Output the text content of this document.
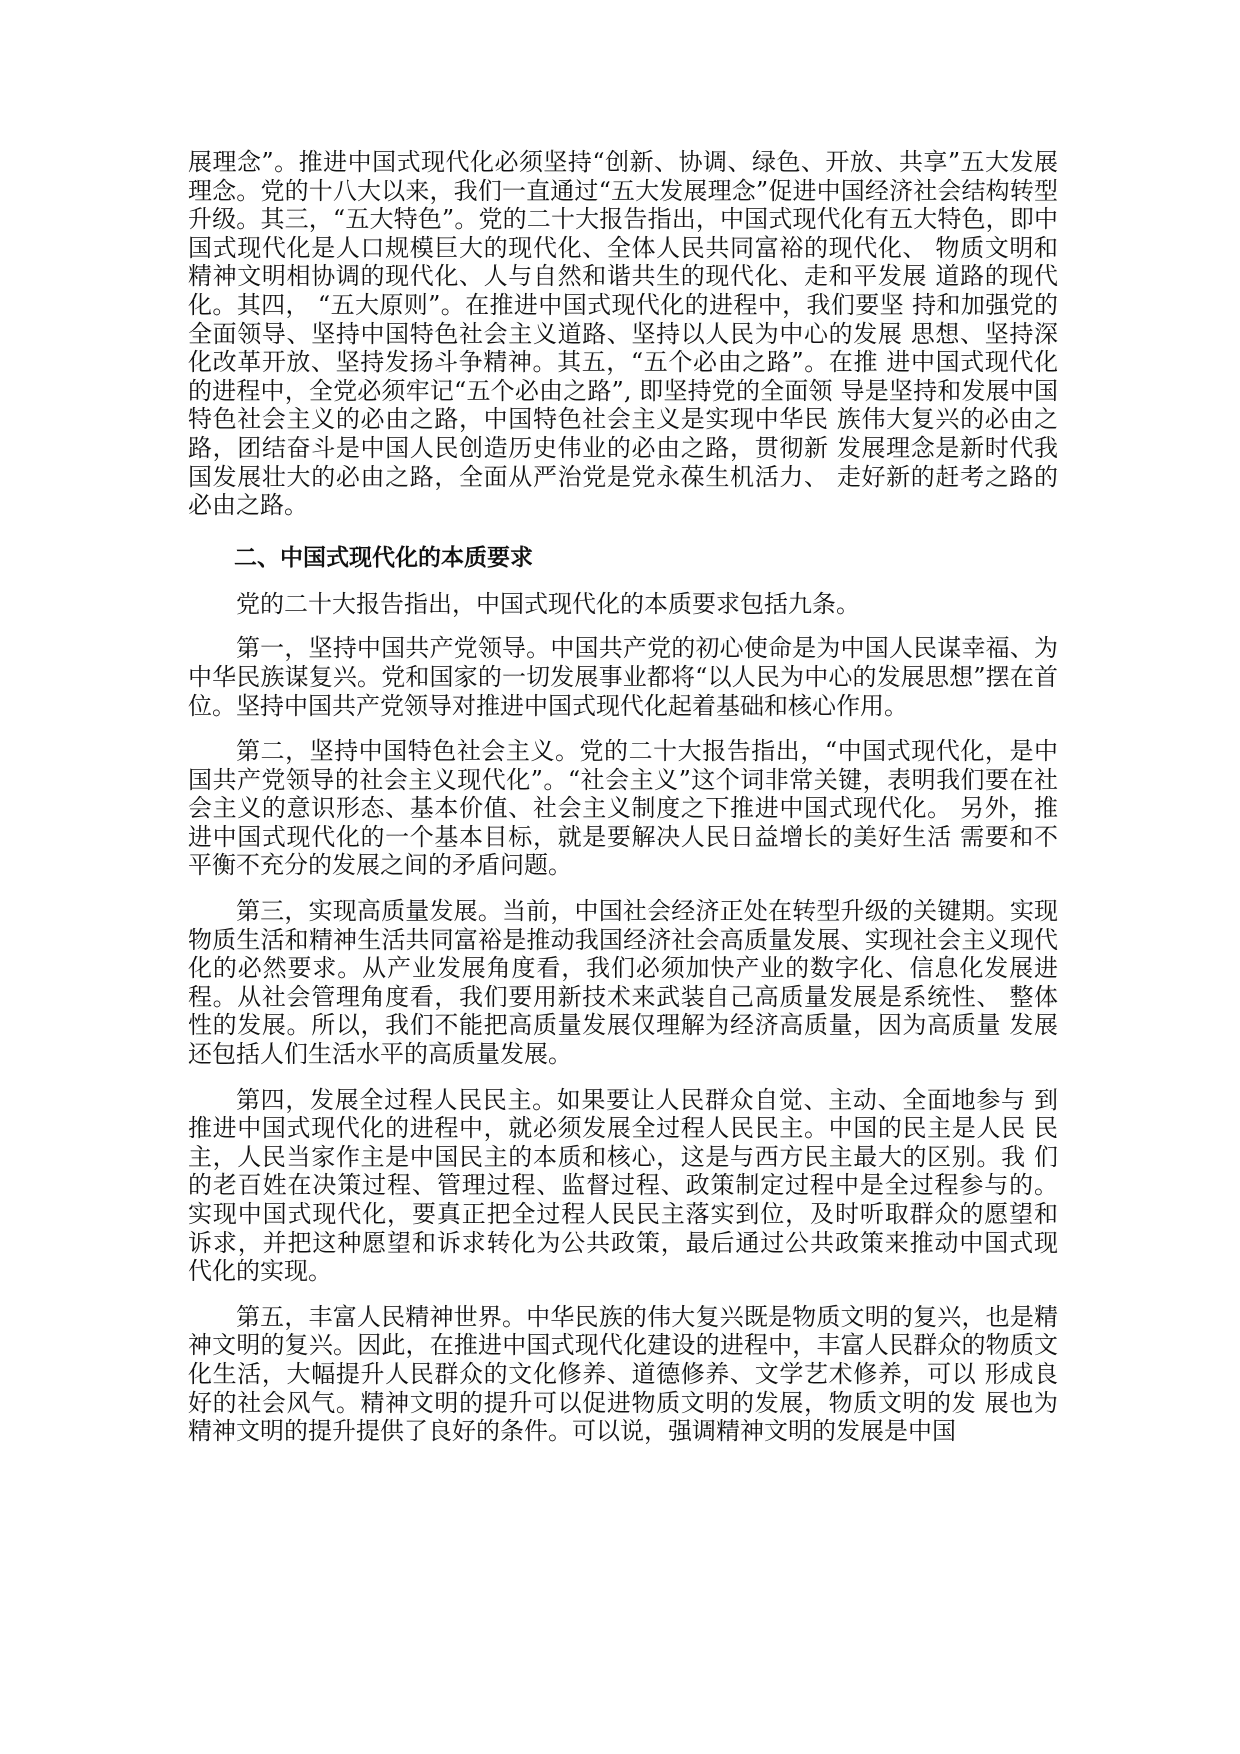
展理念”。推进中国式现代化必须坚持“创新、协调、绿色、开放、共享”五大发展理念。党的十八大以来，我们一直通过“五大发展理念”促进中国经济社会结构转型升级。其三，“五大特色”。党的二十大报告指出，中国式现代化有五大特色，即中国式现代化是人口规模巨大的现代化、全体人民共同富裕的现代化、 物质文明和精神文明相协调的现代化、人与自然和谐共生的现代化、走和平发展 道路的现代化。其四， “五大原则”。在推进中国式现代化的进程中，我们要坚 持和加强党的全面领导、坚持中国特色社会主义道路、坚持以人民为中心的发展 思想、坚持深化改革开放、坚持发扬斗争精神。其五，“五个必由之路”。在推 进中国式现代化的进程中，全党必须牢记“五个必由之路”, 即坚持党的全面领 导是坚持和发展中国特色社会主义的必由之路，中国特色社会主义是实现中华民 族伟大复兴的必由之路，团结奋斗是中国人民创造历史伟业的必由之路，贯彻新 发展理念是新时代我国发展壮大的必由之路，全面从严治党是党永葆生机活力、 走好新的赶考之路的必由之路。

二、中国式现代化的本质要求

党的二十大报告指出，中国式现代化的本质要求包括九条。

第一，坚持中国共产党领导。中国共产党的初心使命是为中国人民谋幸福、为中华民族谋复兴。党和国家的一切发展事业都将“以人民为中心的发展思想”摆在首位。坚持中国共产党领导对推进中国式现代化起着基础和核心作用。

第二，坚持中国特色社会主义。党的二十大报告指出，“中国式现代化，是中国共产党领导的社会主义现代化”。“社会主义”这个词非常关键，表明我们要在社会主义的意识形态、基本价值、社会主义制度之下推进中国式现代化。 另外，推进中国式现代化的一个基本目标，就是要解决人民日益增长的美好生活 需要和不平衡不充分的发展之间的矛盾问题。

第三，实现高质量发展。当前，中国社会经济正处在转型升级的关键期。实现物质生活和精神生活共同富裕是推动我国经济社会高质量发展、实现社会主义现代化的必然要求。从产业发展角度看，我们必须加快产业的数字化、信息化发展进程。从社会管理角度看，我们要用新技术来武装自己高质量发展是系统性、 整体性的发展。所以，我们不能把高质量发展仅理解为经济高质量，因为高质量 发展还包括人们生活水平的高质量发展。

第四，发展全过程人民民主。如果要让人民群众自觉、主动、全面地参与 到推进中国式现代化的进程中，就必须发展全过程人民民主。中国的民主是人民 民主，人民当家作主是中国民主的本质和核心，这是与西方民主最大的区别。我 们的老百姓在决策过程、管理过程、监督过程、政策制定过程中是全过程参与的。 实现中国式现代化，要真正把全过程人民民主落实到位，及时听取群众的愿望和 诉求，并把这种愿望和诉求转化为公共政策，最后通过公共政策来推动中国式现 代化的实现。

第五，丰富人民精神世界。中华民族的伟大复兴既是物质文明的复兴，也是精神文明的复兴。因此，在推进中国式现代化建设的进程中，丰富人民群众的物质文化生活，大幅提升人民群众的文化修养、道德修养、文学艺术修养，可以 形成良好的社会风气。精神文明的提升可以促进物质文明的发展，物质文明的发 展也为精神文明的提升提供了良好的条件。可以说，强调精神文明的发展是中国
